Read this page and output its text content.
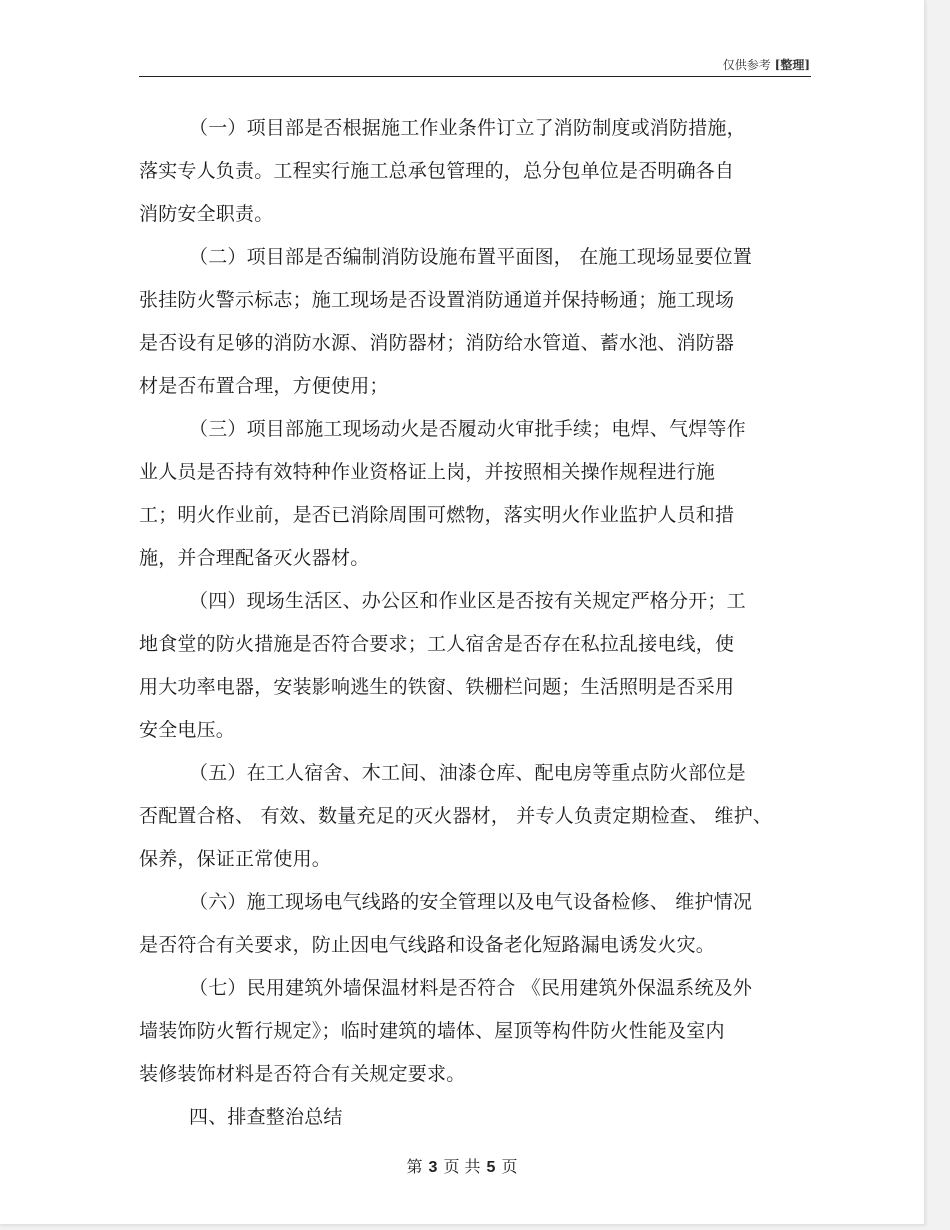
仅供参考 [整理]
（一）项目部是否根据施工作业条件订立了消防制度或消防措施，
落实专人负责。工程实行施工总承包管理的，总分包单位是否明确各自
消防安全职责。
（二）项目部是否编制消防设施布置平面图， 在施工现场显要位置
张挂防火警示标志；施工现场是否设置消防通道并保持畅通；施工现场
是否设有足够的消防水源、消防器材；消防给水管道、蓄水池、消防器
材是否布置合理，方便使用；
（三）项目部施工现场动火是否履动火审批手续；电焊、气焊等作
业人员是否持有效特种作业资格证上岗，并按照相关操作规程进行施
工；明火作业前，是否已消除周围可燃物，落实明火作业监护人员和措
施，并合理配备灭火器材。
（四）现场生活区、办公区和作业区是否按有关规定严格分开；工
地食堂的防火措施是否符合要求；工人宿舍是否存在私拉乱接电线，使
用大功率电器，安装影响逃生的铁窗、铁栅栏问题；生活照明是否采用
安全电压。
（五）在工人宿舍、木工间、油漆仓库、配电房等重点防火部位是
否配置合格、 有效、数量充足的灭火器材， 并专人负责定期检查、 维护、
保养，保证正常使用。
（六）施工现场电气线路的安全管理以及电气设备检修、 维护情况
是否符合有关要求，防止因电气线路和设备老化短路漏电诱发火灾。
（七）民用建筑外墙保温材料是否符合 《民用建筑外保温系统及外
墙装饰防火暂行规定》；临时建筑的墙体、屋顶等构件防火性能及室内
装修装饰材料是否符合有关规定要求。
四、排查整治总结
第 3 页 共 5 页
